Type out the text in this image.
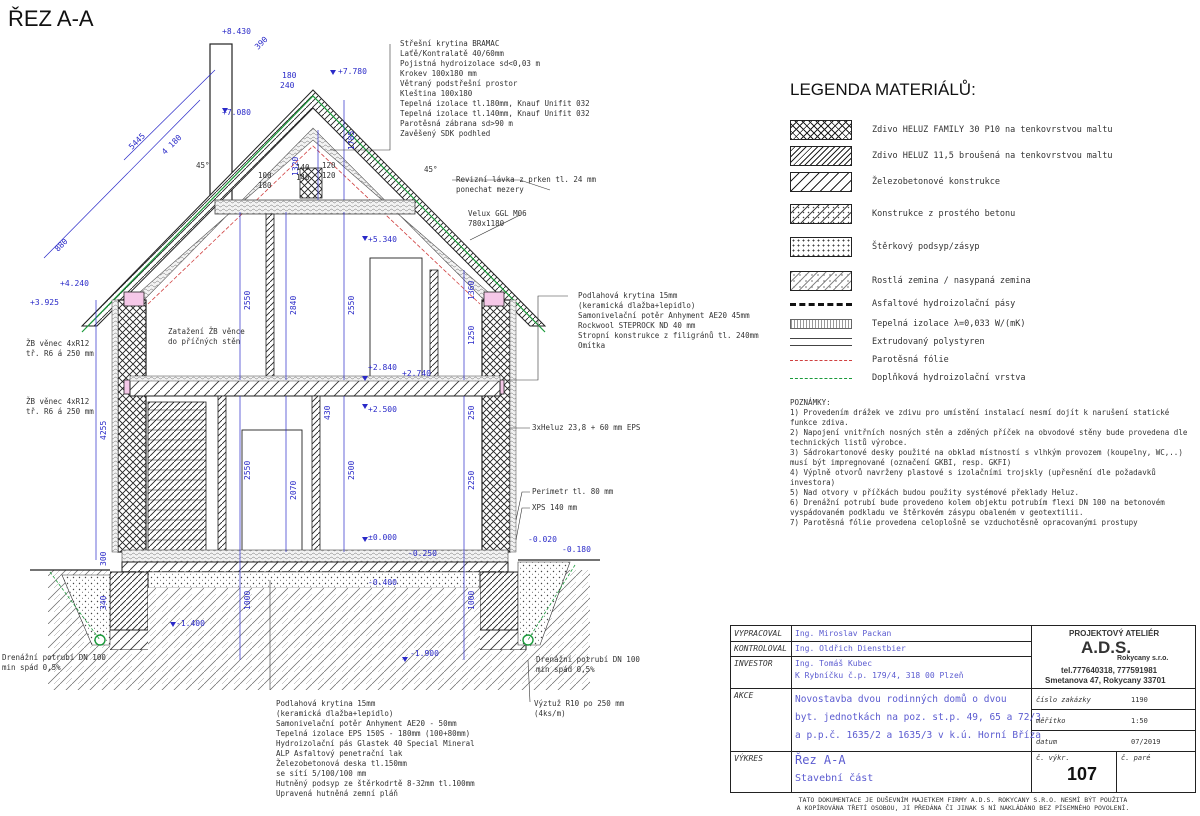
ŘEZ A-A
Střešní krytina BRAMAC
Laťě/Kontralatě 40/60mm
Pojistná hydroizolace sd<0,03 m
Krokev 100x180 mm
Větraný podstřešní prostor
Kleština 100x180
Tepelná izolace tl.180mm, Knauf Unifit 032
Tepelná izolace tl.140mm, Knauf Unifit 032
Parotěsná zábrana sd>90 m
Zavěšený SDK podhled
Revizní lávka z prken tl. 24 mm
ponechat mezery
Velux GGL M06
780x1180
Zatažení ŽB věnce
do příčných stěn
ŽB věnec 4xR12
tř. R6 á 250 mm
ŽB věnec 4xR12
tř. R6 á 250 mm
Podlahová krytina 15mm
(keramická dlažba+lepidlo)
Samonivelační potěr Anhyment AE20 45mm
Rockwool STEPROCK ND 40 mm
Stropní konstrukce z filigránů tl. 240mm
Omítka
3xHeluz 23,8 + 60 mm EPS
Perimetr tl. 80 mm
XPS 140 mm
Drenážní potrubí DN 100
min spád 0,5%
Drenážní potrubí DN 100
min spád 0,5%
Výztuž R10 po 250 mm
(4ks/m)
Podlahová krytina 15mm
(keramická dlažba+lepidlo)
Samonivelační potěr Anhyment AE20 - 50mm
Tepelná izolace EPS 150S - 180mm (100+80mm)
Hydroizolační pás Glastek 40 Special Mineral
ALP Asfaltový penetrační lak
Železobetonová deska tl.150mm
se sítí 5/100/100 mm
Hutněný podsyp ze štěrkodrtě 8-32mm tl.100mm
Upravená hutněná zemní pláň
+8.430
+7.780
+7.080
+5.340
+4.240
+3.925
+2.840
+2.740
+2.500
±0.000
-0.250
-0.400
-0.020
-0.180
-1.400
-1.900
5445 4 180
880
390
180
240
1320
1785
120
120
140
140
100
180
45°	45°
2550	2840	2550
1250
1360
250
4255
2500
2070
430
2250
2550
1000	1000
300
340
LEGENDA MATERIÁLŮ:
Zdivo HELUZ FAMILY 30 P10 na tenkovrstvou maltu
Zdivo HELUZ 11,5 broušená na tenkovrstvou maltu
Železobetonové konstrukce
Konstrukce z prostého betonu
Štěrkový podsyp/zásyp
Rostlá zemina / nasypaná zemina
Asfaltové hydroizolační pásy
Tepelná izolace λ=0,033 W/(mK)
Extrudovaný polystyren
Parotěsná fólie
Doplňková hydroizolační vrstva

POZNÁMKY:

1) Provedením drážek ve zdivu pro umístění instalací nesmí dojít k narušení statické funkce zdiva.

2) Napojení vnitřních nosných stěn a zděných příček na obvodové stěny bude provedena dle technických listů výrobce.

3) Sádrokartonové desky použité na obklad místností s vlhkým provozem (koupelny, WC,..) musí být impregnované (označení GKBI, resp. GKFI)

4) Výplně otvorů navrženy plastové s izolačními trojskly (upřesnění dle požadavků investora)

5) Nad otvory v příčkách budou použity systémové překlady Heluz.

6) Drenážní potrubí bude provedeno kolem objektu potrubím flexi DN 100 na betonovém vyspádovaném podkladu ve štěrkovém zásypu obaleném v geotextilii.

7) Parotěsná fólie provedena celoplošně se vzduchotěsně opracovanými prostupy

VYPRACOVAL Ing. Miroslav Packan
KONTROLOVAL Ing. Oldřich Dienstbier
INVESTOR	Ing. Tomáš Kubec
K Rybníčku č.p. 179/4, 318 00 Plzeň
AKCE	Novostavba dvou rodinných domů o dvou
byt. jednotkách na poz. st.p. 49, 65 a 72/3
a p.p.č. 1635/2 a 1635/3 v k.ú. Horní Bříza
VÝKRES	Řez A-A
Stavební část
PROJEKTOVÝ ATELIÉR
A.D.S.
Rokycany s.r.o.
tel.777640318, 777591981
Smetanova 47, Rokycany 33701
číslo zakázky	1190
měřítko	1:50
datum	07/2019
č. výkr.
107
č. paré
TATO DOKUMENTACE JE DUŠEVNÍM MAJETKEM FIRMY A.D.S. ROKYCANY S.R.O. NESMÍ BÝT POUŽITA
A KOPÍROVÁNA TŘETÍ OSOBOU, JÍ PŘEDÁNA ČI JINAK S NÍ NAKLÁDÁNO BEZ PÍSEMNÉHO POVOLENÍ.
